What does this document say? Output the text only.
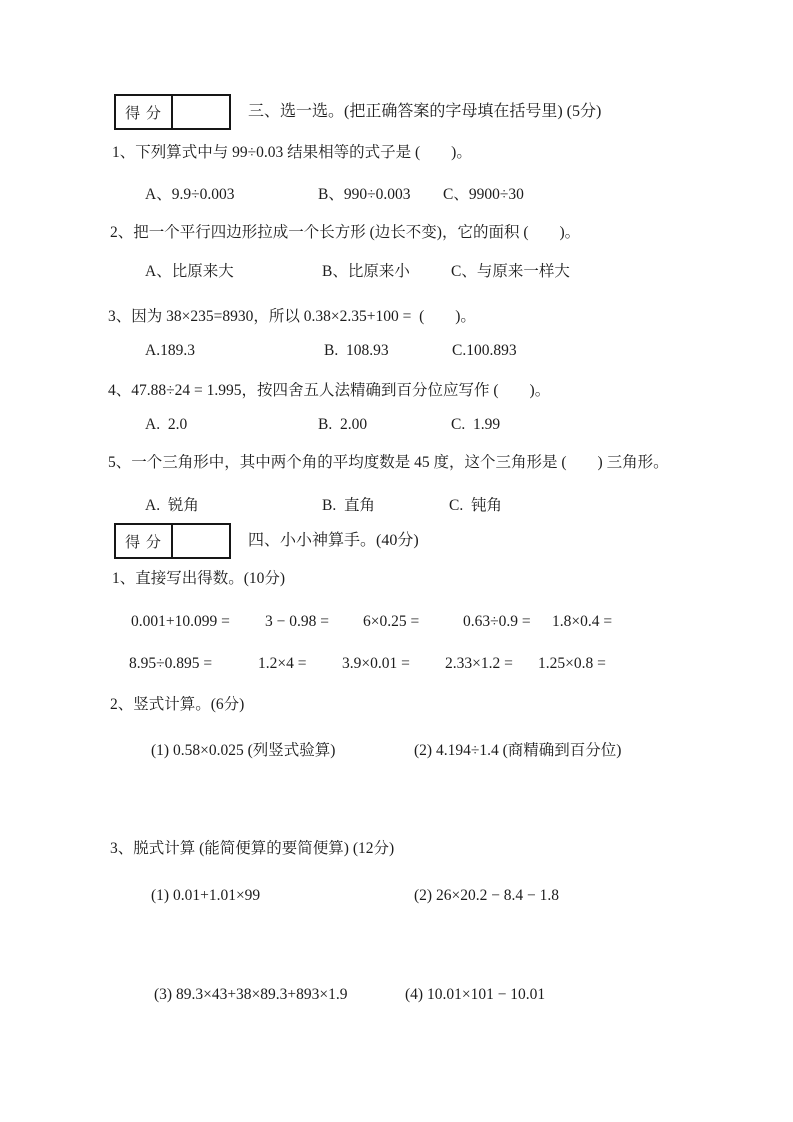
得 分	三、选一选。(把正确答案的字母填在括号里) (5分)
1、下列算式中与 99÷0.03 结果相等的式子是 (        )。
A、9.9÷0.003	B、990÷0.003 C、9900÷30
2、把一个平行四边形拉成一个长方形 (边长不变)，它的面积 (        )。
A、比原来大	B、比原来小	C、与原来一样大
3、因为 38×235=8930，所以 0.38×2.35+100 =  (        )。
A.189.3	B.  108.93	C.100.893
4、47.88÷24 = 1.995，按四舍五人法精确到百分位应写作 (        )。
A.  2.0	B.  2.00	C.  1.99
5、一个三角形中，其中两个角的平均度数是 45 度，这个三角形是 (        ) 三角形。
A.  锐角	B.  直角	C.  钝角
得 分	四、小小神算手。(40分)
1、直接写出得数。(10分)
0.001+10.099 = 3 − 0.98 = 6×0.25 =	0.63÷0.9 = 1.8×0.4 =
8.95÷0.895 =	1.2×4 = 3.9×0.01 = 2.33×1.2 = 1.25×0.8 =
2、竖式计算。(6分)
(1) 0.58×0.025 (列竖式验算)	(2) 4.194÷1.4 (商精确到百分位)
3、脱式计算 (能简便算的要简便算) (12分)
(1) 0.01+1.01×99	(2) 26×20.2 − 8.4 − 1.8
(3) 89.3×43+38×89.3+893×1.9	(4) 10.01×101 − 10.01
